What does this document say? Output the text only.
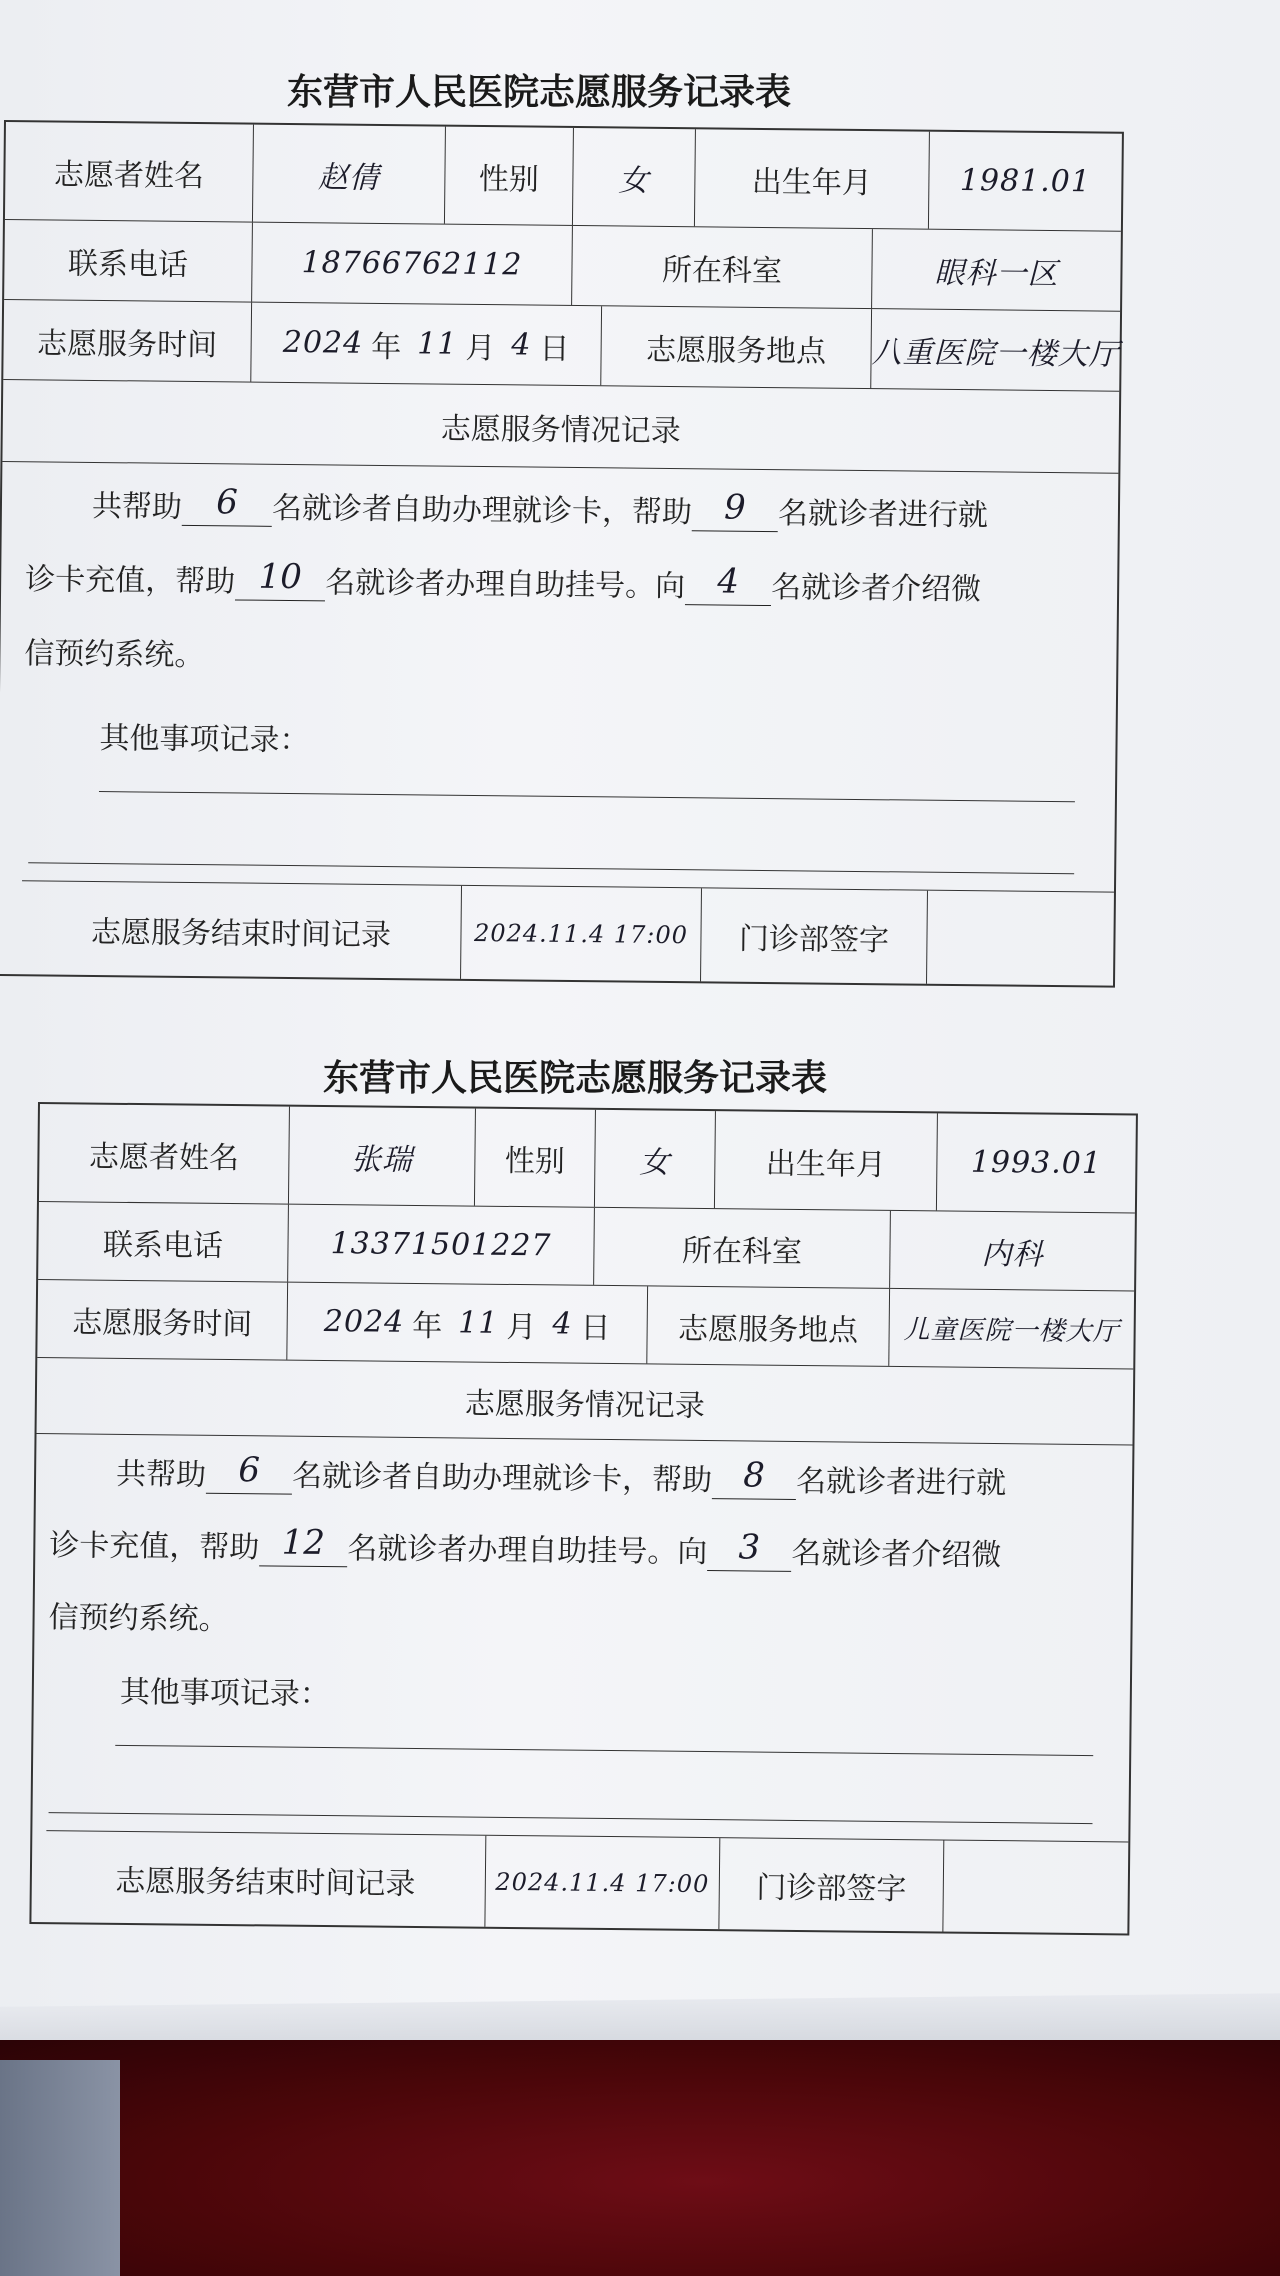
东营市人民医院志愿服务记录表
志愿者姓名	赵倩	性别	女	出生年月	1981.01
联系电话	18766762112	所在科室	眼科一区
志愿服务时间 2024 年 11 月 4 日	志愿服务地点 八重医院一楼大厅
志愿服务情况记录
共帮助 6 名就诊者自助办理就诊卡，帮助 9 名就诊者进行就
诊卡充值，帮助 10 名就诊者办理自助挂号。向 4 名就诊者介绍微
信预约系统。
其他事项记录：
志愿服务结束时间记录	2024.11.4 17:00 门诊部签字
东营市人民医院志愿服务记录表
志愿者姓名	张瑞	性别 女	出生年月	1993.01
联系电话	13371501227	所在科室	内科
志愿服务时间 2024 年 11 月 4 日 志愿服务地点 儿童医院一楼大厅
志愿服务情况记录
共帮助 6 名就诊者自助办理就诊卡，帮助 8 名就诊者进行就
诊卡充值，帮助 12 名就诊者办理自助挂号。向 3 名就诊者介绍微
信预约系统。
其他事项记录：
志愿服务结束时间记录	2024.11.4 17:00 门诊部签字
